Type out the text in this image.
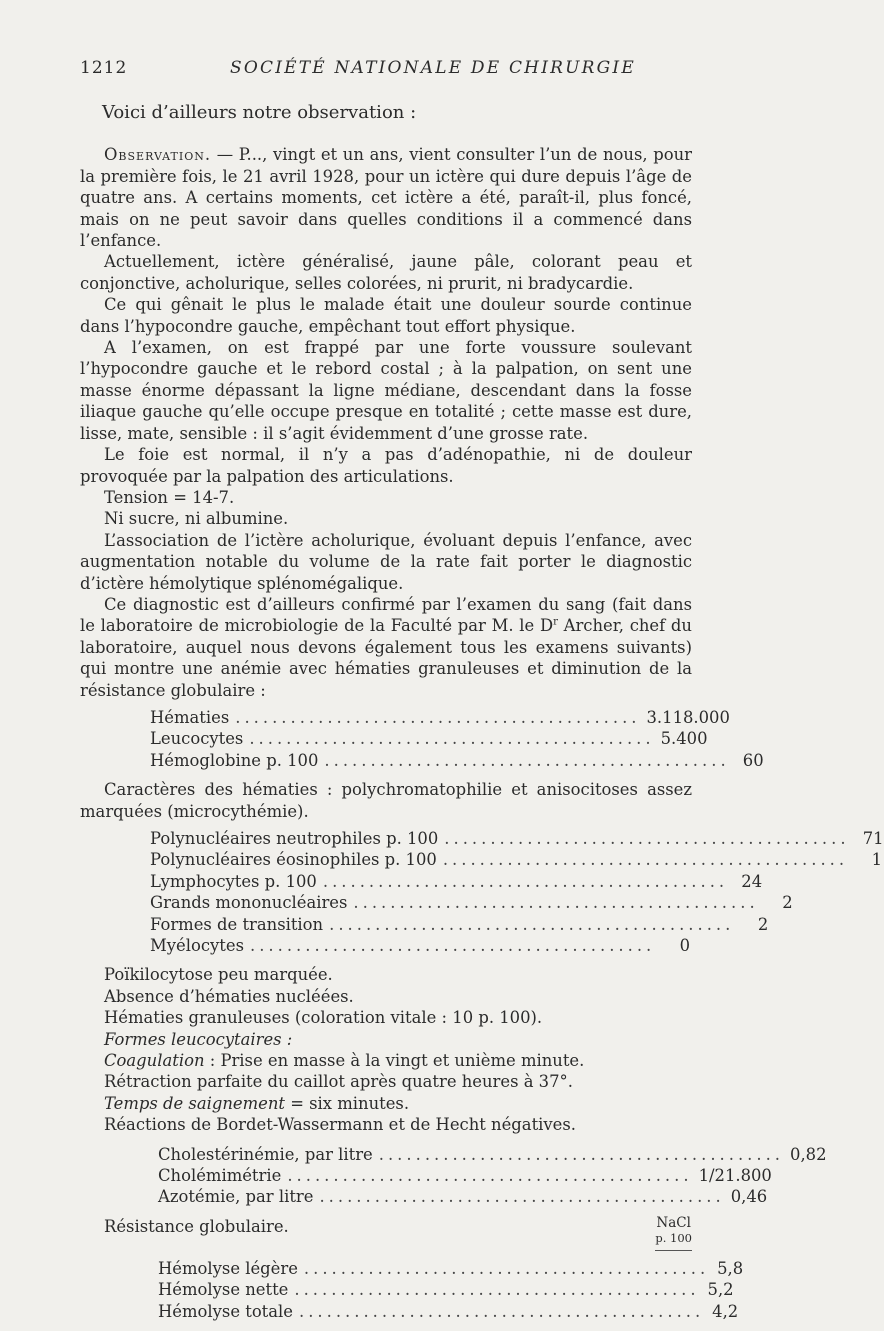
1212	SOCIÉTÉ NATIONALE DE CHIRURGIE
Voici d’ailleurs notre observation :

Observation. — P..., vingt et un ans, vient consulter l’un de nous, pour la première fois, le 21 avril 1928, pour un ictère qui dure depuis l’âge de quatre ans. A certains moments, cet ictère a été, paraît-il, plus foncé, mais on ne peut savoir dans quelles conditions il a commencé dans l’enfance.

Actuellement, ictère généralisé, jaune pâle, colorant peau et conjonctive, acholurique, selles colorées, ni prurit, ni bradycardie.

Ce qui gênait le plus le malade était une douleur sourde continue dans l’hypocondre gauche, empêchant tout effort physique.

A l’examen, on est frappé par une forte voussure soulevant l’hypocondre gauche et le rebord costal ; à la palpation, on sent une masse énorme dépassant la ligne médiane, descendant dans la fosse iliaque gauche qu’elle occupe presque en totalité ; cette masse est dure, lisse, mate, sensible : il s’agit évidemment d’une grosse rate.

Le foie est normal, il n’y a pas d’adénopathie, ni de douleur provoquée par la palpation des articulations.

Tension = 14-7.

Ni sucre, ni albumine.

L’association de l’ictère acholurique, évoluant depuis l’enfance, avec augmentation notable du volume de la rate fait porter le diagnostic d’ictère hémolytique splénomégalique.

Ce diagnostic est d’ailleurs confirmé par l’examen du sang (fait dans le laboratoire de microbiologie de la Faculté par M. le $D^r$ Archer, chef du laboratoire, auquel nous devons également tous les examens suivants) qui montre une anémie avec hématies granuleuses et diminution de la résistance globulaire :

Hématies ............................................ 3.118.000
Leucocytes ............................................ 5.400
Hémoglobine p. 100 ............................................ 60

Caractères des hématies : polychromatophilie et anisocitoses assez marquées (microcythémie).

Polynucléaires neutrophiles p. 100 ............................................ 71
Polynucléaires éosinophiles p. 100 ............................................	1
Lymphocytes p. 100 ............................................ 24
Grands mononucléaires ............................................	2
Formes de transition ............................................	2
Myélocytes ............................................	0

Poïkilocytose peu marquée.

Absence d’hématies nucléées.

Hématies granuleuses (coloration vitale : 10 p. 100).

Formes leucocytaires :

Coagulation : Prise en masse à la vingt et unième minute.

Rétraction parfaite du caillot après quatre heures à 37°.

Temps de saignement = six minutes.

Réactions de Bordet-Wassermann et de Hecht négatives.

Cholestérinémie, par litre ............................................ 0,82
Cholémimétrie ............................................ 1/21.800
Azotémie, par litre ............................................ 0,46
Résistance globulaire.	NaCl
p. 100
Hémolyse légère ............................................ 5,8
Hémolyse nette ............................................ 5,2
Hémolyse totale ............................................ 4,2
